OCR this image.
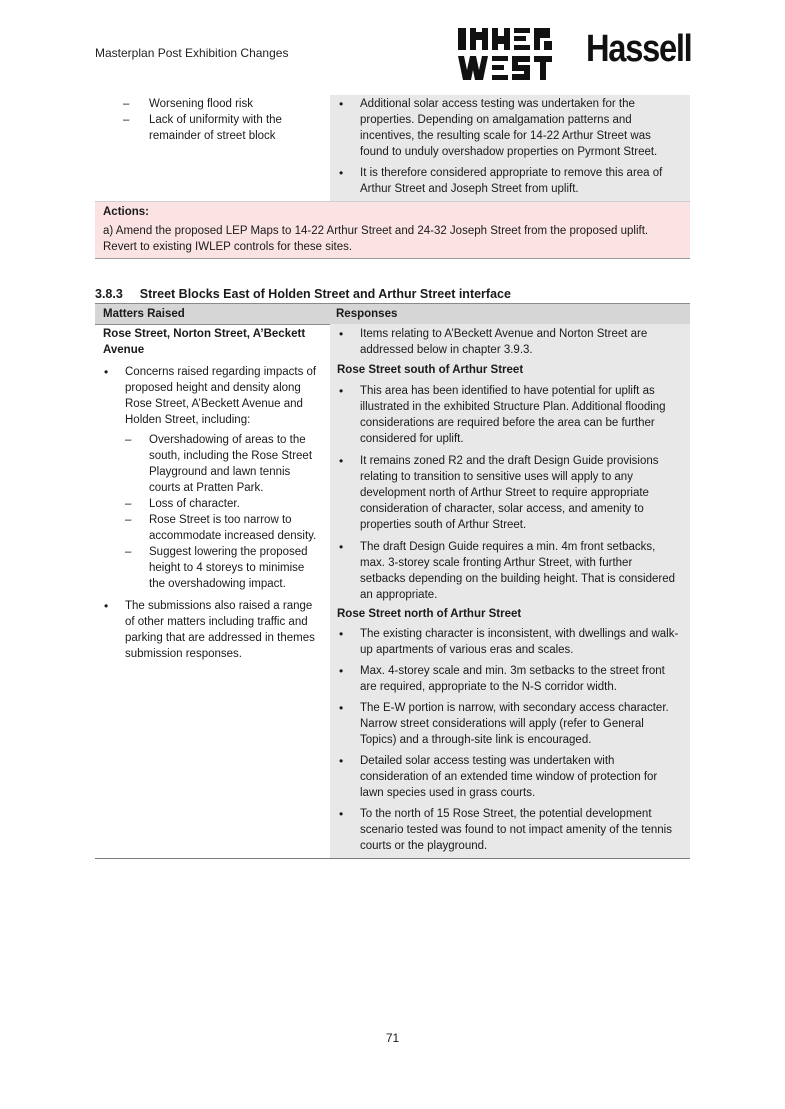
Masterplan Post Exhibition Changes
INNER
WEST
Hassell
– Worsening flood risk
– Lack of uniformity with the remainder of street block
• Additional solar access testing was undertaken for the properties. Depending on amalgamation patterns and incentives, the resulting scale for 14-22 Arthur Street was found to unduly overshadow properties on Pyrmont Street.
• It is therefore considered appropriate to remove this area of Arthur Street and Joseph Street from uplift.
Actions:
a) Amend the proposed LEP Maps to 14-22 Arthur Street and 24-32 Joseph Street from the proposed uplift. Revert to existing IWLEP controls for these sites.
3.8.3 Street Blocks East of Holden Street and Arthur Street interface
Matters Raised	Responses
Rose Street, Norton Street, A’Beckett Avenue
• Concerns raised regarding impacts of proposed height and density along Rose Street, A’Beckett Avenue and Holden Street, including:
– Overshadowing of areas to the south, including the Rose Street Playground and lawn tennis courts at Pratten Park.
– Loss of character.
– Rose Street is too narrow to accommodate increased density.
– Suggest lowering the proposed height to 4 storeys to minimise the overshadowing impact.
• The submissions also raised a range of other matters including traffic and parking that are addressed in themes submission responses.
• Items relating to A’Beckett Avenue and Norton Street are addressed below in chapter 3.9.3.
Rose Street south of Arthur Street
• This area has been identified to have potential for uplift as illustrated in the exhibited Structure Plan. Additional flooding considerations are required before the area can be further considered for uplift.
• It remains zoned R2 and the draft Design Guide provisions relating to transition to sensitive uses will apply to any development north of Arthur Street to require appropriate consideration of character, solar access, and amenity to properties south of Arthur Street.
• The draft Design Guide requires a min. 4m front setbacks, max. 3-storey scale fronting Arthur Street, with further setbacks depending on the building height. That is considered an appropriate.
Rose Street north of Arthur Street
• The existing character is inconsistent, with dwellings and walk-up apartments of various eras and scales.
• Max. 4-storey scale and min. 3m setbacks to the street front are required, appropriate to the N-S corridor width.
• The E-W portion is narrow, with secondary access character. Narrow street considerations will apply (refer to General Topics) and a through-site link is encouraged.
• Detailed solar access testing was undertaken with consideration of an extended time window of protection for lawn species used in grass courts.
• To the north of 15 Rose Street, the potential development scenario tested was found to not impact amenity of the tennis courts or the playground.
71
